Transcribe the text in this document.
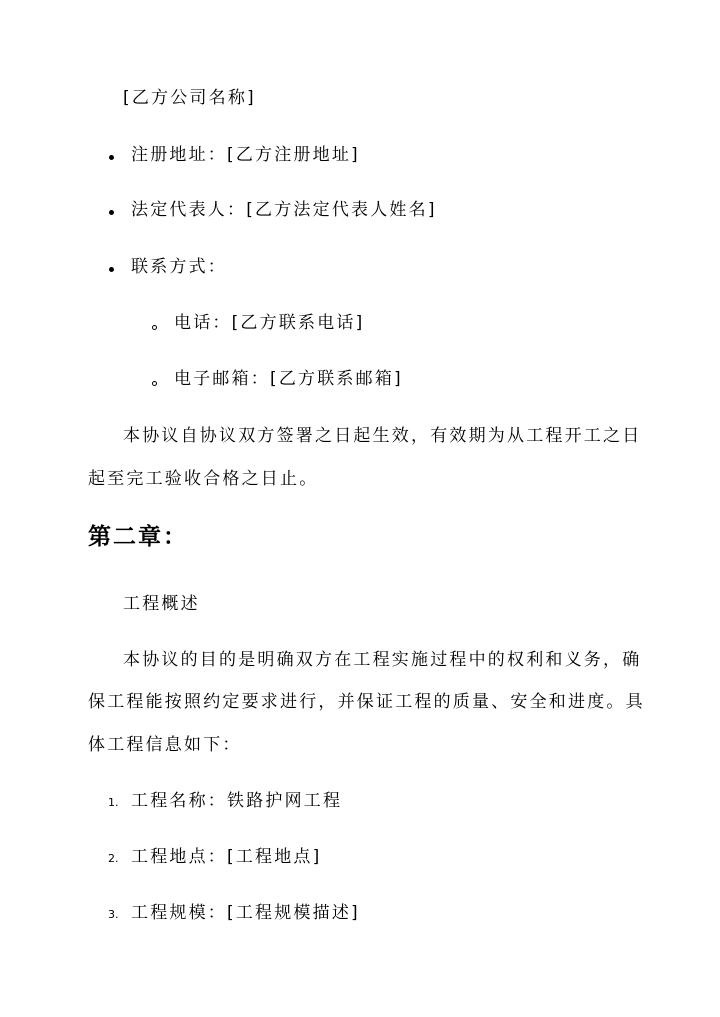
[乙方公司名称]
注册地址：[乙方注册地址]
法定代表人：[乙方法定代表人姓名]
联系方式：
电话：[乙方联系电话]
电子邮箱：[乙方联系邮箱]
本协议自协议双方签署之日起生效，有效期为从工程开工之日
起至完工验收合格之日止。
第二章：
工程概述
本协议的目的是明确双方在工程实施过程中的权利和义务，确
保工程能按照约定要求进行，并保证工程的质量、安全和进度。具
体工程信息如下：
1. 工程名称：铁路护网工程
2. 工程地点：[工程地点]
3. 工程规模：[工程规模描述]
